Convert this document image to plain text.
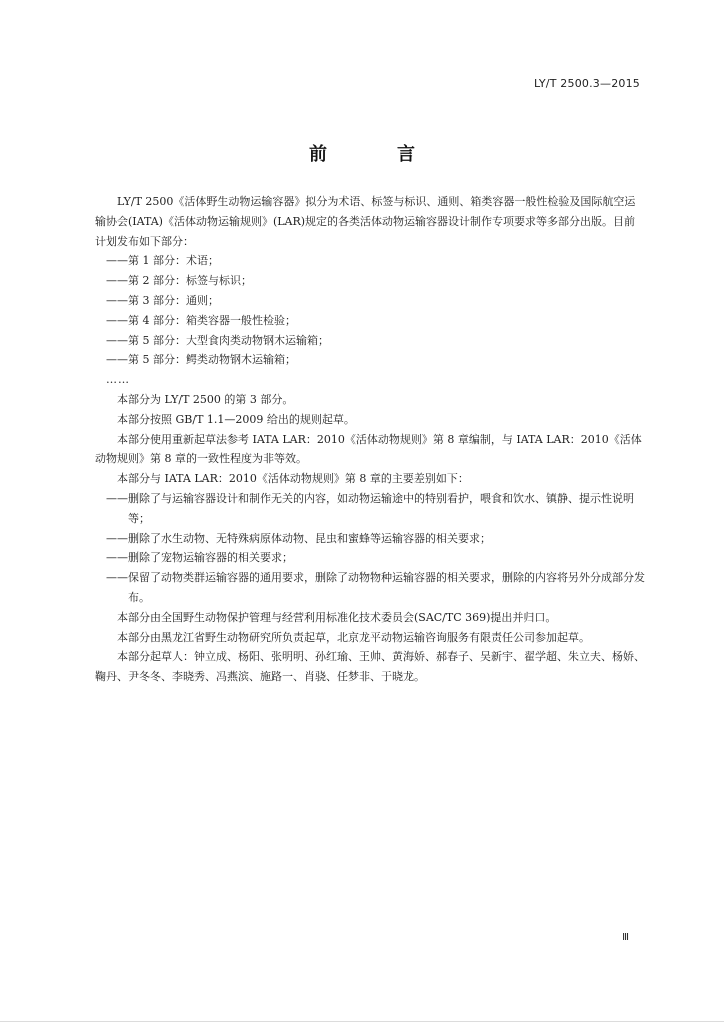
LY/T 2500.3—2015
前　言

LY/T 2500《活体野生动物运输容器》拟分为术语、标签与标识、通则、箱类容器一般性检验及国际航空运输协会(IATA)《活体动物运输规则》(LAR)规定的各类活体动物运输容器设计制作专项要求等多部分出版。目前计划发布如下部分：

——第 1 部分：术语；

——第 2 部分：标签与标识；

——第 3 部分：通则；

——第 4 部分：箱类容器一般性检验；

——第 5 部分：大型食肉类动物钢木运输箱；

——第 5 部分：鳄类动物钢木运输箱；

……

本部分为 LY/T 2500 的第 3 部分。

本部分按照 GB/T 1.1—2009 给出的规则起草。

本部分使用重新起草法参考 IATA LAR：2010《活体动物规则》第 8 章编制，与 IATA LAR：2010《活体动物规则》第 8 章的一致性程度为非等效。

本部分与 IATA LAR：2010《活体动物规则》第 8 章的主要差别如下：

——删除了与运输容器设计和制作无关的内容，如动物运输途中的特别看护，喂食和饮水、镇静、提示性说明等；

——删除了水生动物、无特殊病原体动物、昆虫和蜜蜂等运输容器的相关要求；

——删除了宠物运输容器的相关要求；

——保留了动物类群运输容器的通用要求，删除了动物物种运输容器的相关要求，删除的内容将另外分成部分发布。

本部分由全国野生动物保护管理与经营利用标准化技术委员会(SAC/TC 369)提出并归口。

本部分由黑龙江省野生动物研究所负责起草，北京龙平动物运输咨询服务有限责任公司参加起草。

本部分起草人：钟立成、杨阳、张明明、孙红瑜、王帅、黄海娇、郝春子、吴新宇、翟学超、朱立夫、杨娇、鞠丹、尹冬冬、李晓秀、冯燕滨、施路一、肖骁、任梦非、于晓龙。

Ⅲ
